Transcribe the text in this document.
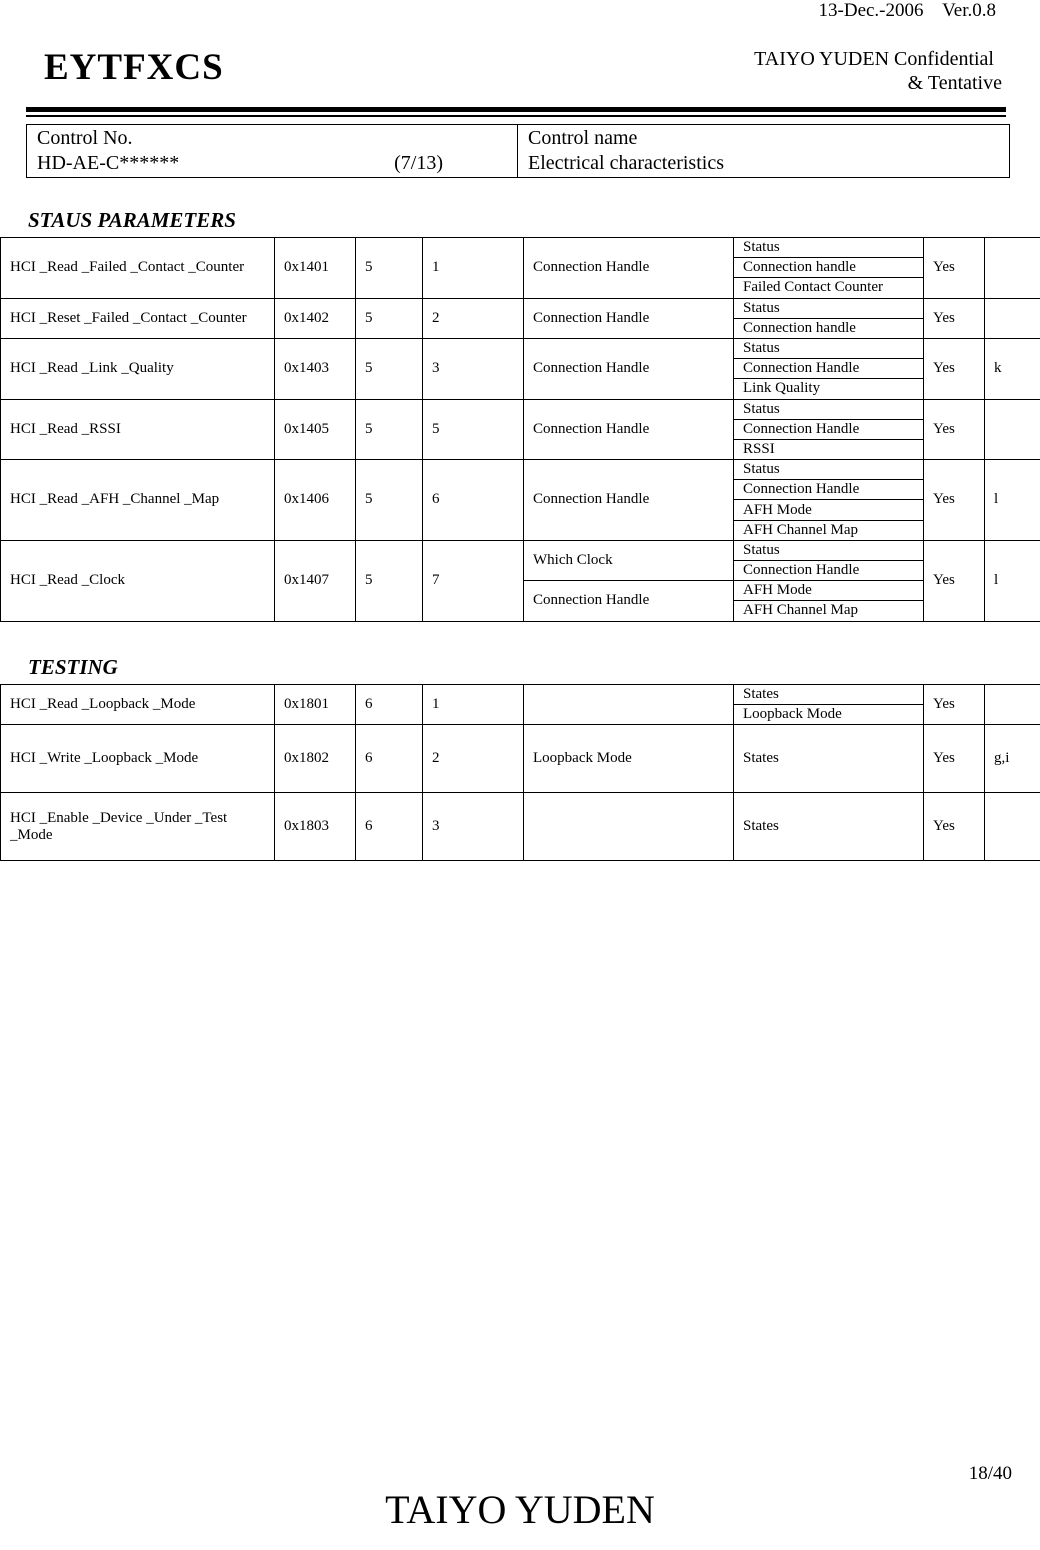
13-Dec.-2006    Ver.0.8
EYTFXCS	TAIYO YUDEN Confidential
& Tentative
Control No.
HD-AE-C******	(7/13)

Control name
Electrical characteristics
STAUS PARAMETERS
HCI _Read _Failed _Contact _Counter	0x1401	5	1	Connection Handle	Status	Yes	
					Connection handle		
					Failed Contact Counter		
HCI _Reset _Failed _Contact _Counter	0x1402	5	2	Connection Handle	Status	Yes	
					Connection handle		
HCI _Read _Link _Quality	0x1403	5	3	Connection Handle	Status	Yes	k
					Connection Handle		
					Link Quality		
HCI _Read _RSSI	0x1405	5	5	Connection Handle	Status	Yes	
					Connection Handle		
					RSSI		
HCI _Read _AFH _Channel _Map	0x1406	5	6	Connection Handle	Status	Yes	l
					Connection Handle		
					AFH Mode		
					AFH Channel Map		
HCI _Read _Clock	0x1407	5	7	Which Clock	Status	Yes	l
					Connection Handle		
				Connection Handle	AFH Mode		
					AFH Channel Map		
TESTING
HCI _Read _Loopback _Mode	0x1801	6	1		States	Yes	
					Loopback Mode		
HCI _Write _Loopback _Mode	0x1802	6	2	Loopback Mode	States	Yes	g,i

HCI _Enable _Device _Under _Test _Mode	0x1803	6	3		States	Yes	

18/40
TAIYO YUDEN
